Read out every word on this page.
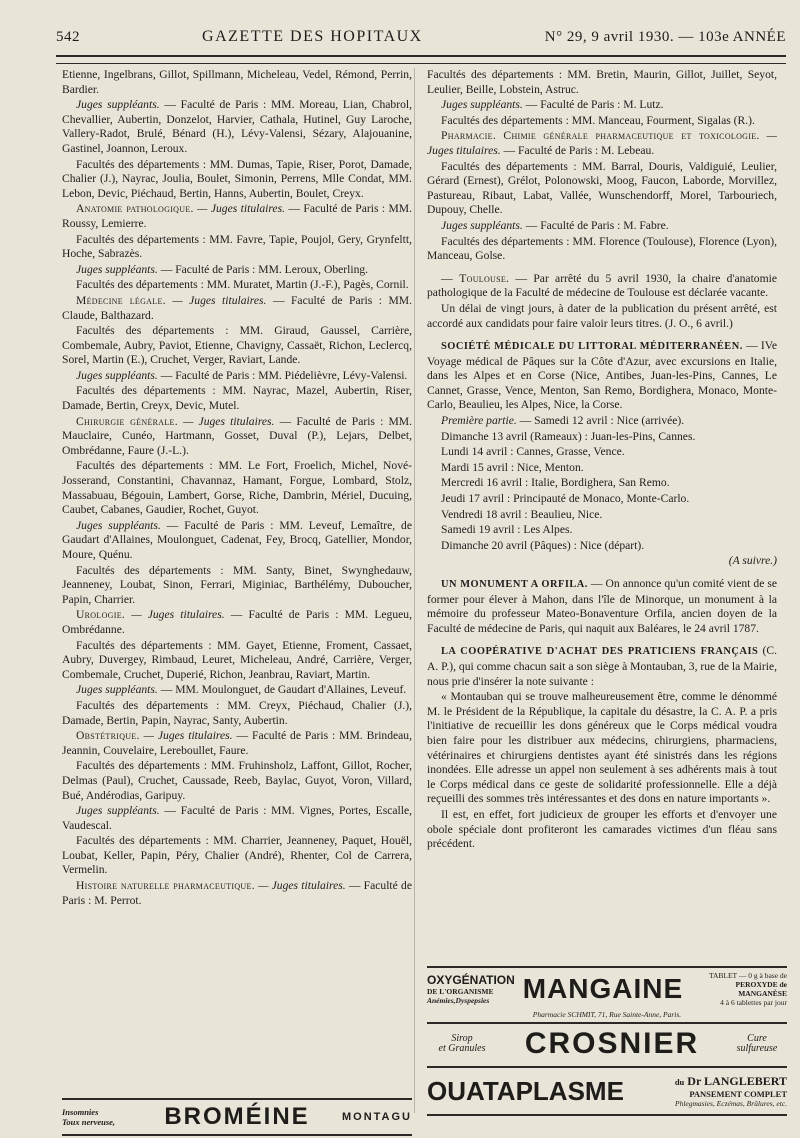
542	GAZETTE DES HOPITAUX	N° 29, 9 avril 1930. — 103e ANNÉE

Etienne, Ingelbrans, Gillot, Spillmann, Micheleau, Vedel, Rémond, Perrin, Bardier.

Juges suppléants. — Faculté de Paris : MM. Moreau, Lian, Chabrol, Chevallier, Aubertin, Donzelot, Harvier, Cathala, Hutinel, Guy Laroche, Vallery-Radot, Brulé, Bénard (H.), Lévy-Valensi, Sézary, Alajouanine, Gastinel, Joannon, Leroux.

Facultés des départements : MM. Dumas, Tapie, Riser, Porot, Damade, Chalier (J.), Nayrac, Joulia, Boulet, Simonin, Perrens, Mlle Condat, MM. Lebon, Devic, Piéchaud, Bertin, Hanns, Aubertin, Boulet, Creyx.

Anatomie pathologique. — Juges titulaires. — Faculté de Paris : MM. Roussy, Lemierre.

Facultés des départements : MM. Favre, Tapie, Poujol, Gery, Grynfeltt, Hoche, Sabrazès.

Juges suppléants. — Faculté de Paris : MM. Leroux, Oberling.

Facultés des départements : MM. Muratet, Martin (J.-F.), Pagès, Cornil.

Médecine légale. — Juges titulaires. — Faculté de Paris : MM. Claude, Balthazard.

Facultés des départements : MM. Giraud, Gaussel, Carrière, Combemale, Aubry, Paviot, Etienne, Chavigny, Cassaët, Richon, Leclercq, Sorel, Martin (E.), Cruchet, Verger, Raviart, Lande.

Juges suppléants. — Faculté de Paris : MM. Piédelièvre, Lévy-Valensi.

Facultés des départements : MM. Nayrac, Mazel, Aubertin, Riser, Damade, Bertin, Creyx, Devic, Mutel.

Chirurgie générale. — Juges titulaires. — Faculté de Paris : MM. Mauclaire, Cunéo, Hartmann, Gosset, Duval (P.), Lejars, Delbet, Ombrédanne, Faure (J.-L.).

Facultés des départements : MM. Le Fort, Froelich, Michel, Nové-Josserand, Constantini, Chavannaz, Hamant, Forgue, Lombard, Stolz, Massabuau, Bégouin, Lambert, Gorse, Riche, Dambrin, Mériel, Ducuing, Caubet, Cabanes, Gaudier, Rochet, Guyot.

Juges suppléants. — Faculté de Paris : MM. Leveuf, Lemaître, de Gaudart d'Allaines, Moulonguet, Cadenat, Fey, Brocq, Gatellier, Mondor, Moure, Quénu.

Facultés des départements : MM. Santy, Binet, Swynghedauw, Jeanneney, Loubat, Sinon, Ferrari, Miginiac, Barthélémy, Duboucher, Papin, Charrier.

Urologie. — Juges titulaires. — Faculté de Paris : MM. Legueu, Ombrédanne.

Facultés des départements : MM. Gayet, Etienne, Froment, Cassaet, Aubry, Duvergey, Rimbaud, Leuret, Micheleau, André, Carrière, Verger, Combemale, Cruchet, Duperié, Richon, Jeanbrau, Raviart, Martin.

Juges suppléants. — MM. Moulonguet, de Gaudart d'Allaines, Leveuf.

Facultés des départements : MM. Creyx, Piéchaud, Chalier (J.), Damade, Bertin, Papin, Nayrac, Santy, Aubertin.

Obstétrique. — Juges titulaires. — Faculté de Paris : MM. Brindeau, Jeannin, Couvelaire, Lereboullet, Faure.

Facultés des départements : MM. Fruhinsholz, Laffont, Gillot, Rocher, Delmas (Paul), Cruchet, Caussade, Reeb, Baylac, Guyot, Voron, Villard, Bué, Andérodias, Garipuy.

Juges suppléants. — Faculté de Paris : MM. Vignes, Portes, Escalle, Vaudescal.

Facultés des départements : MM. Charrier, Jeanneney, Paquet, Houël, Loubat, Keller, Papin, Péry, Chalier (André), Rhenter, Col de Carrera, Vermelin.

Histoire naturelle pharmaceutique. — Juges titulaires. — Faculté de Paris : M. Perrot.

Facultés des départements : MM. Bretin, Maurin, Gillot, Juillet, Seyot, Leulier, Beille, Lobstein, Astruc.

Juges suppléants. — Faculté de Paris : M. Lutz.

Facultés des départements : MM. Manceau, Fourment, Sigalas (R.).

Pharmacie. Chimie générale pharmaceutique et toxicologie. — Juges titulaires. — Faculté de Paris : M. Lebeau.

Facultés des départements : MM. Barral, Douris, Valdiguié, Leulier, Gérard (Ernest), Grélot, Polonowski, Moog, Faucon, Laborde, Morvillez, Pastureau, Ribaut, Labat, Vallée, Wunschendorff, Morel, Tarbouriech, Dupouy, Chelle.

Juges suppléants. — Faculté de Paris : M. Fabre.

Facultés des départements : MM. Florence (Toulouse), Florence (Lyon), Manceau, Golse.

— Toulouse. — Par arrêté du 5 avril 1930, la chaire d'anatomie pathologique de la Faculté de médecine de Toulouse est déclarée vacante.

Un délai de vingt jours, à dater de la publication du présent arrêté, est accordé aux candidats pour faire valoir leurs titres. (J. O., 6 avril.)

SOCIÉTÉ MÉDICALE DU LITTORAL MÉDITERRANÉEN. — IVe Voyage médical de Pâques sur la Côte d'Azur, avec excursions en Italie, dans les Alpes et en Corse (Nice, Antibes, Juan-les-Pins, Cannes, Le Cannet, Grasse, Vence, Menton, San Remo, Bordighera, Monaco, Monte-Carlo, Beaulieu, les Alpes, Nice, la Corse.

Première partie. — Samedi 12 avril : Nice (arrivée).

Dimanche 13 avril (Rameaux) : Juan-les-Pins, Cannes.

Lundi 14 avril : Cannes, Grasse, Vence.

Mardi 15 avril : Nice, Menton.

Mercredi 16 avril : Italie, Bordighera, San Remo.

Jeudi 17 avril : Principauté de Monaco, Monte-Carlo.

Vendredi 18 avril : Beaulieu, Nice.

Samedi 19 avril : Les Alpes.

Dimanche 20 avril (Pâques) : Nice (départ).

(A suivre.)

UN MONUMENT A ORFILA. — On annonce qu'un comité vient de se former pour élever à Mahon, dans l'île de Minorque, un monument à la mémoire du professeur Mateo-Bonaventure Orfila, ancien doyen de la Faculté de médecine de Paris, qui naquit aux Baléares, le 24 avril 1787.

LA COOPÉRATIVE D'ACHAT DES PRATICIENS FRANÇAIS (C. A. P.), qui comme chacun sait a son siège à Montauban, 3, rue de la Mairie, nous prie d'insérer la note suivante :

« Montauban qui se trouve malheureusement être, comme le dénommé M. le Président de la République, la capitale du désastre, la C. A. P. a pris l'initiative de recueillir les dons généreux que le Corps médical voudra bien faire pour les distribuer aux médecins, chirurgiens, pharmaciens, vétérinaires et chirurgiens dentistes ayant été sinistrés dans les régions inondées. Elle adresse un appel non seulement à ses adhérents mais à tout le Corps médical dans ce geste de solidarité professionnelle. Elle a déjà reçueilli des sommes très intéressantes et des dons en nature importants ».

Il est, en effet, fort judicieux de grouper les efforts et d'envoyer une obole spéciale dont profiteront les camarades victimes d'un fléau sans précédent.

Insomnies
Toux nerveuse,	BROMÉINE	MONTAGU
OXYGÉNATION
DE L'ORGANISME
Anémies,Dyspepsies	MANGAINE	TABLET — 0 g à base de
PEROXYDE de MANGANÈSE
4 à 6 tablettes par jour
Pharmacie SCHMIT, 71, Rue Sainte-Anne, Paris.
Sirop
et Granules	CROSNIER	Cure
sulfureuse
OUATAPLASME	du Dr LANGLEBERT
PANSEMENT COMPLET
Phlegmasies, Eczémas, Brûlures, etc.
